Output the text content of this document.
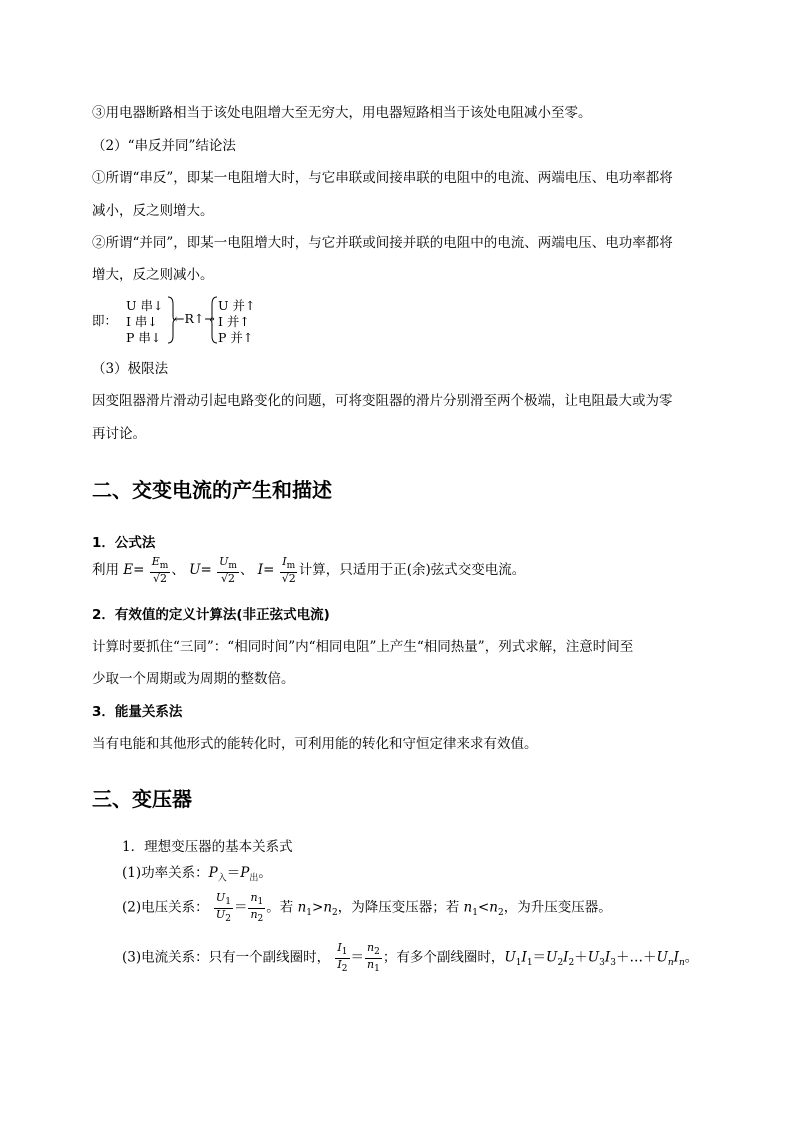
③用电器断路相当于该处电阻增大至无穷大，用电器短路相当于该处电阻减小至零。
（2）“串反并同”结论法
①所谓“串反”，即某一电阻增大时，与它串联或间接串联的电阻中的电流、两端电压、电功率都将
减小，反之则增大。
②所谓“并同”，即某一电阻增大时，与它并联或间接并联的电阻中的电流、两端电压、电功率都将
增大，反之则减小。
即：
U 串↓
I 串↓
P 串↓
←R↑→
U 并↑
I 并↑
P 并↑
（3）极限法
因变阻器滑片滑动引起电路变化的问题，可将变阻器的滑片分别滑至两个极端，让电阻最大或为零
再讨论。
二、交变电流的产生和描述
1．公式法
利用 $E= \frac{E_m}{√2}$ 、 $U= \frac{U_m}{√2}$ 、 $I= \frac{I_m}{√2}$ 计算，只适用于正(余)弦式交变电流。
2．有效值的定义计算法(非正弦式电流)
计算时要抓住“三同”：“相同时间”内“相同电阻”上产生“相同热量”，列式求解，注意时间至
少取一个周期或为周期的整数倍。
3．能量关系法
当有电能和其他形式的能转化时，可利用能的转化和守恒定律来求有效值。
三、变压器
1．理想变压器的基本关系式
(1)功率关系：$P_入=P_出$。
(2)电压关系： $\frac{U_1}{U_2} = \frac{n_1}{n_2}$ 。若 $n_1>n_2$，为降压变压器；若 $n_1<n_2$，为升压变压器。
(3)电流关系：只有一个副线圈时， $\frac{I_1}{I_2} = \frac{n_2}{n_1}$ ；有多个副线圈时，$U_1I_1=U_2I_2+U_3I_3+\dots+U_nI_n$。
